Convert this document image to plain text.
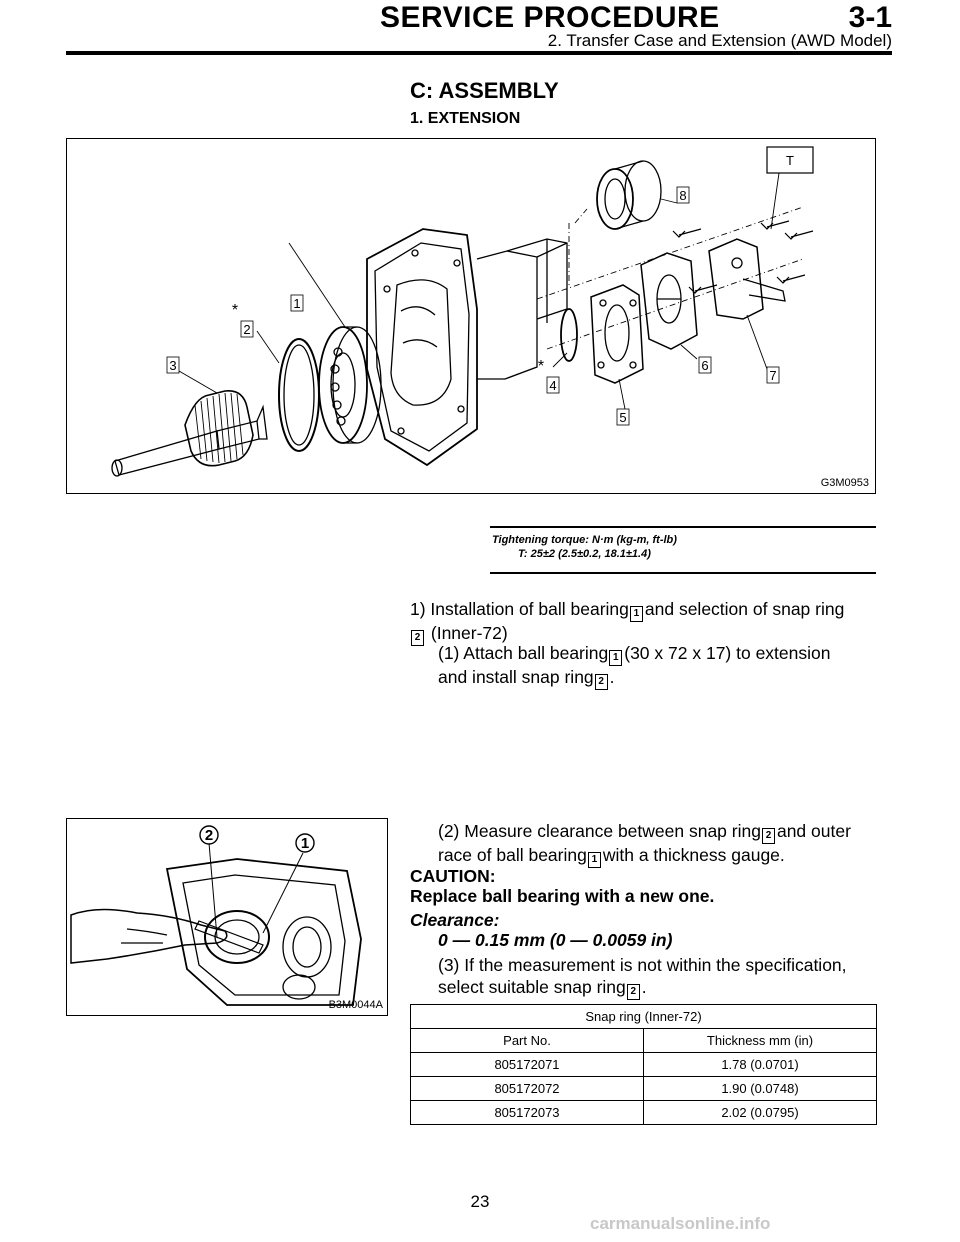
SERVICE PROCEDURE	3-1
2. Transfer Case and Extension (AWD Model)
C: ASSEMBLY
1. EXTENSION
T
1
*
2
3	*
4
5
6
7
8
G3M0953
Tightening torque: N·m (kg-m, ft-lb)
T: 25±2 (2.5±0.2, 18.1±1.4)
1) Installation of ball bearing 1 and selection of snap ring
2 (Inner-72)
(1) Attach ball bearing 1 (30 x 72 x 17) to extension
and install snap ring 2 .
2	1
B3M0044A
(2) Measure clearance between snap ring 2 and outer
race of ball bearing 1 with a thickness gauge.
CAUTION:
Replace ball bearing with a new one.
Clearance:
0 — 0.15 mm (0 — 0.0059 in)
(3) If the measurement is not within the specification,
select suitable snap ring 2 .
Snap ring (Inner-72)	
Part No.	Thickness mm (in)
805172071	1.78 (0.0701)
805172072	1.90 (0.0748)
805172073	2.02 (0.0795)
23
carmanualsonline.info
